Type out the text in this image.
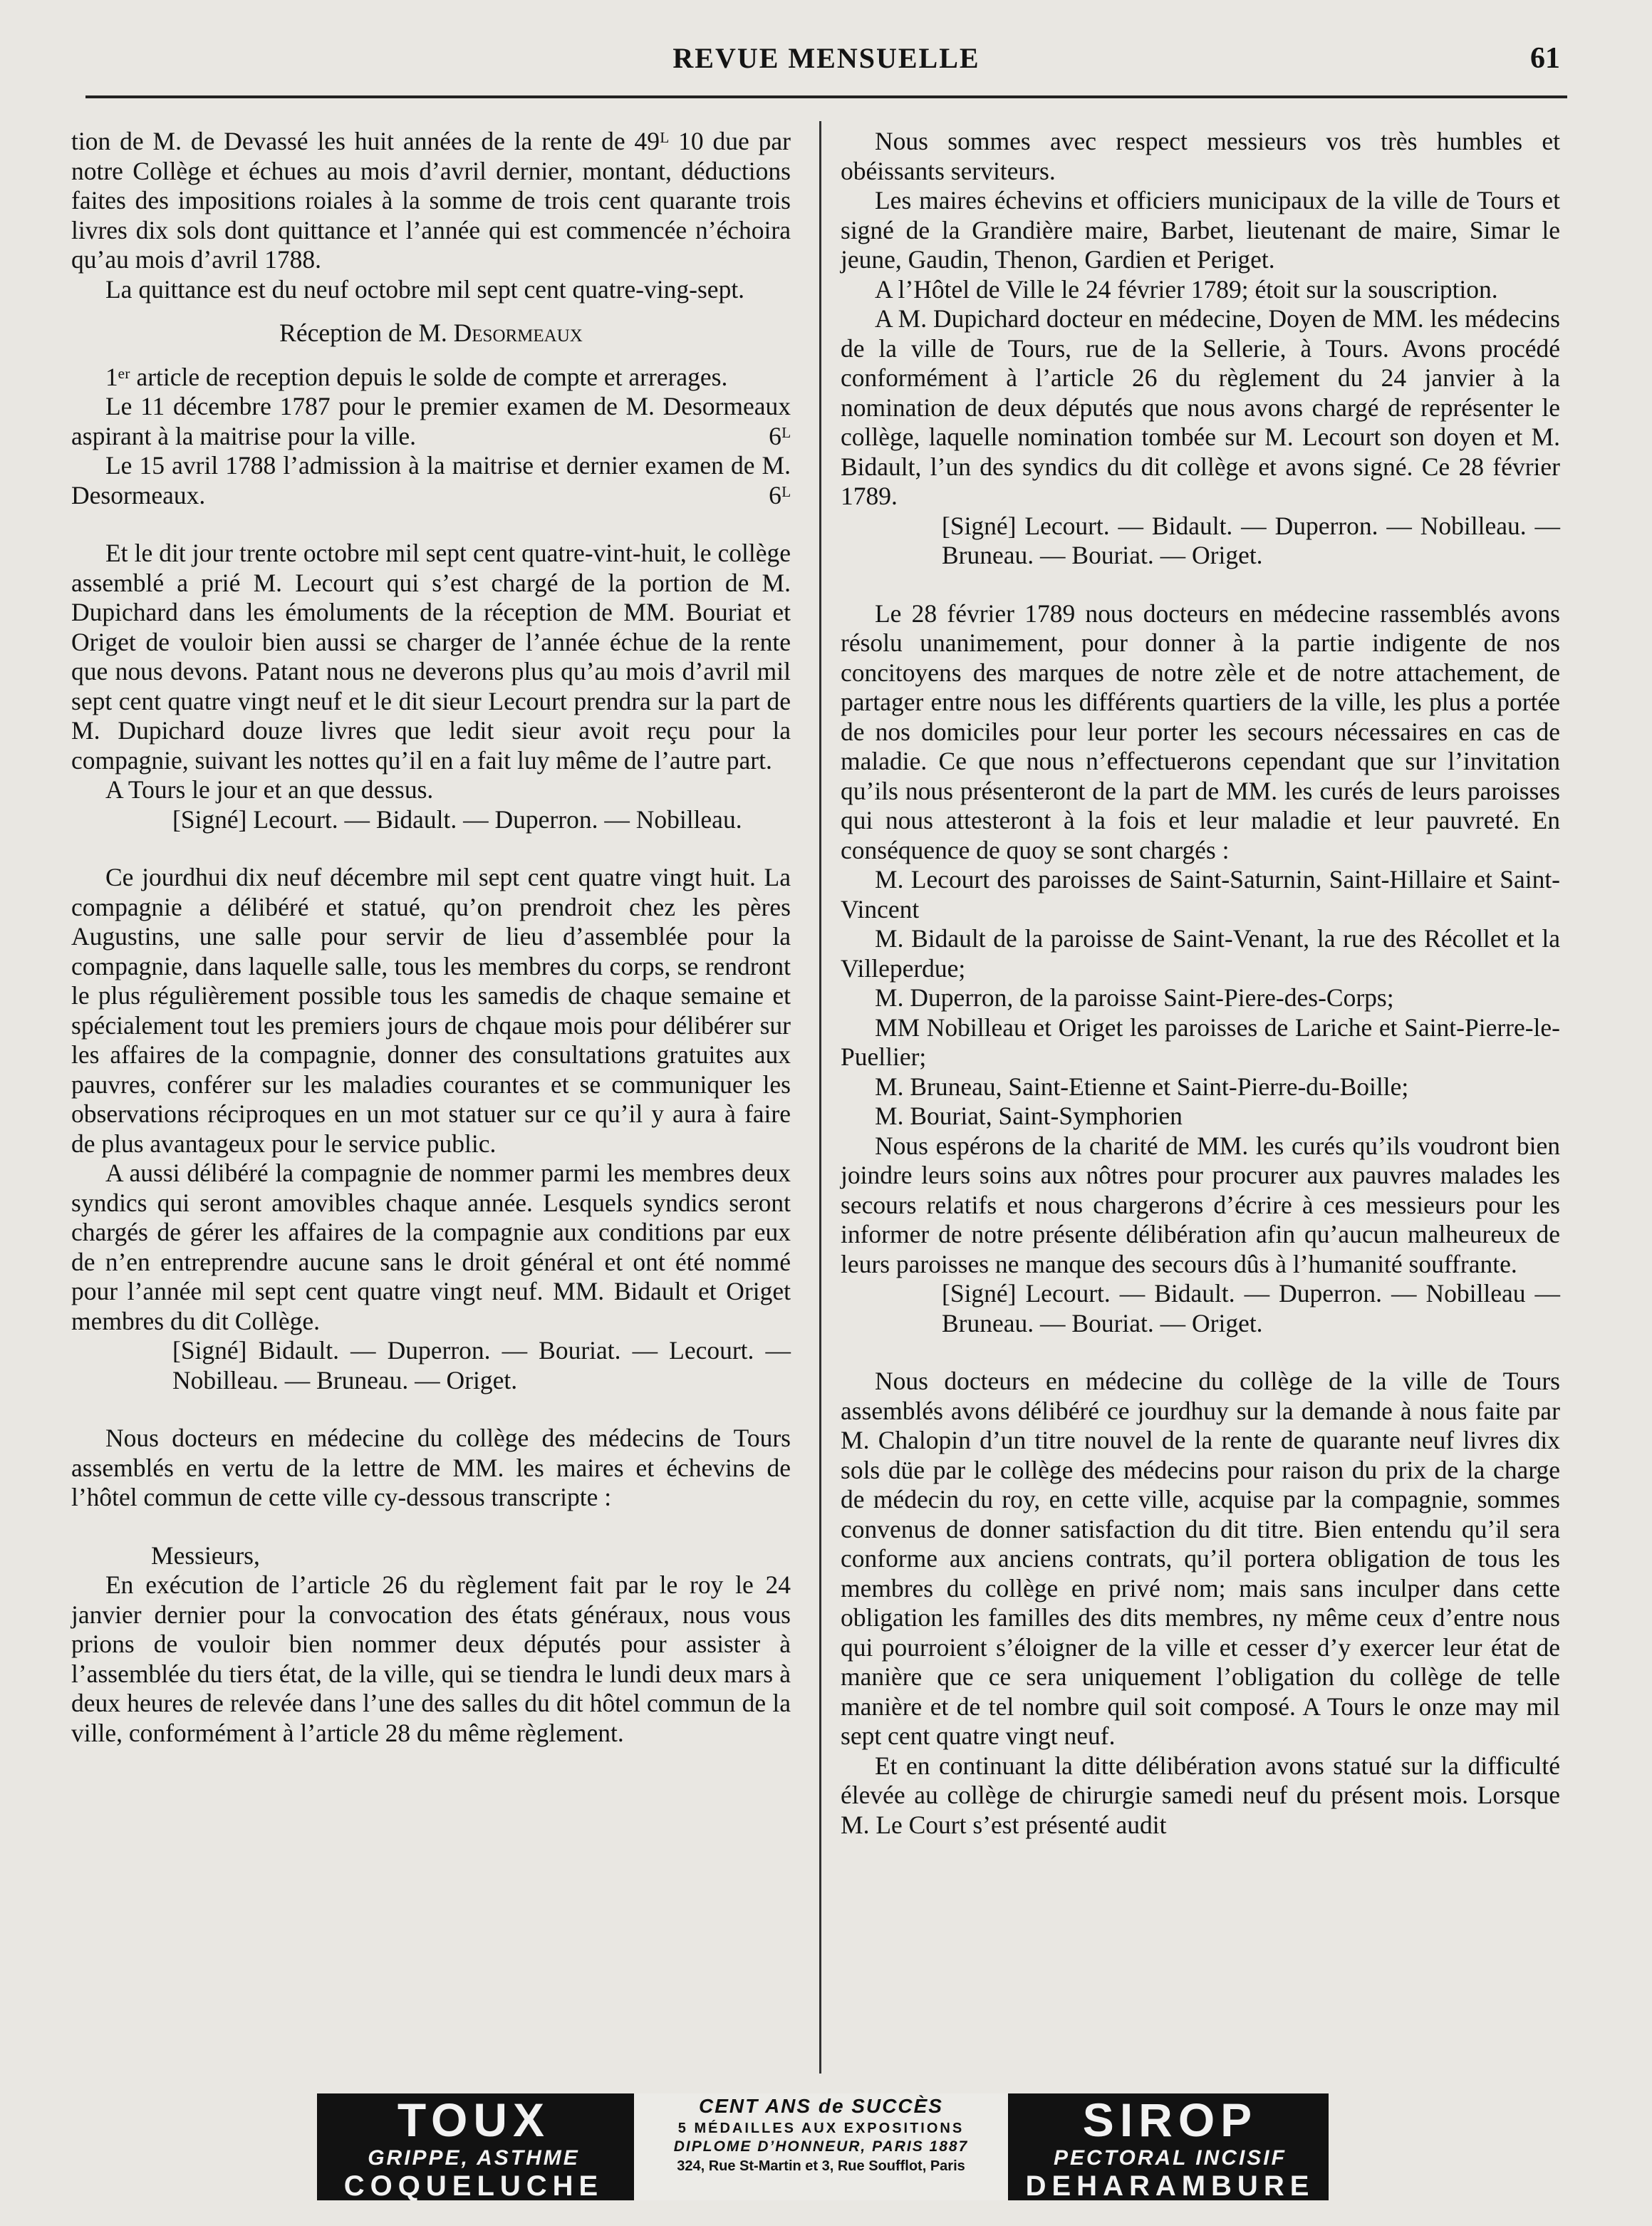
REVUE MENSUELLE	61

tion de M. de Devassé les huit années de la rente de 49ᴸ 10 due par notre Collège et échues au mois d’avril dernier, montant, déductions faites des impositions roiales à la somme de trois cent quarante trois livres dix sols dont quittance et l’année qui est commencée n’échoira qu’au mois d’avril 1788.

La quittance est du neuf octobre mil sept cent quatre-ving-sept.

Réception de M. Desormeaux

1ᵉʳ article de reception depuis le solde de compte et arrerages.

Le 11 décembre 1787 pour le premier examen de M. Desormeaux aspirant à la maitrise pour la ville.	6ᴸ

Le 15 avril 1788 l’admission à la maitrise et dernier examen de M. Desormeaux.	6ᴸ

Et le dit jour trente octobre mil sept cent quatre-vint-huit, le collège assemblé a prié M. Lecourt qui s’est chargé de la portion de M. Dupichard dans les émoluments de la réception de MM. Bouriat et Origet de vouloir bien aussi se charger de l’année échue de la rente que nous devons. Patant nous ne deverons plus qu’au mois d’avril mil sept cent quatre vingt neuf et le dit sieur Lecourt prendra sur la part de M. Dupichard douze livres que ledit sieur avoit reçu pour la compagnie, suivant les nottes qu’il en a fait luy même de l’autre part.

A Tours le jour et an que dessus.

[Signé] Lecourt. — Bidault. — Duperron. — Nobilleau.

Ce jourdhui dix neuf décembre mil sept cent quatre vingt huit. La compagnie a délibéré et statué, qu’on prendroit chez les pères Augustins, une salle pour servir de lieu d’assemblée pour la compagnie, dans laquelle salle, tous les membres du corps, se rendront le plus régulièrement possible tous les samedis de chaque semaine et spécialement tout les premiers jours de chqaue mois pour délibérer sur les affaires de la compagnie, donner des consultations gratuites aux pauvres, conférer sur les maladies courantes et se communiquer les observations réciproques en un mot statuer sur ce qu’il y aura à faire de plus avantageux pour le service public.

A aussi délibéré la compagnie de nommer parmi les membres deux syndics qui seront amovibles chaque année. Lesquels syndics seront chargés de gérer les affaires de la compagnie aux conditions par eux de n’en entreprendre aucune sans le droit général et ont été nommé pour l’année mil sept cent quatre vingt neuf. MM. Bidault et Origet membres du dit Collège.

[Signé] Bidault. — Duperron. — Bouriat. — Lecourt. — Nobilleau. — Bruneau. — Origet.

Nous docteurs en médecine du collège des médecins de Tours assemblés en vertu de la lettre de MM. les maires et échevins de l’hôtel commun de cette ville cy-dessous transcripte :

Messieurs,

En exécution de l’article 26 du règlement fait par le roy le 24 janvier dernier pour la convocation des états généraux, nous vous prions de vouloir bien nommer deux députés pour assister à l’assemblée du tiers état, de la ville, qui se tiendra le lundi deux mars à deux heures de relevée dans l’une des salles du dit hôtel commun de la ville, conformément à l’article 28 du même règlement.

Nous sommes avec respect messieurs vos très humbles et obéissants serviteurs.

Les maires échevins et officiers municipaux de la ville de Tours et signé de la Grandière maire, Barbet, lieutenant de maire, Simar le jeune, Gaudin, Thenon, Gardien et Periget.

A l’Hôtel de Ville le 24 février 1789; étoit sur la souscription.

A M. Dupichard docteur en médecine, Doyen de MM. les médecins de la ville de Tours, rue de la Sellerie, à Tours. Avons procédé conformément à l’article 26 du règlement du 24 janvier à la nomination de deux députés que nous avons chargé de représenter le collège, laquelle nomination tombée sur M. Lecourt son doyen et M. Bidault, l’un des syndics du dit collège et avons signé. Ce 28 février 1789.

[Signé] Lecourt. — Bidault. — Duperron. — Nobilleau. — Bruneau. — Bouriat. — Origet.

Le 28 février 1789 nous docteurs en médecine rassemblés avons résolu unanimement, pour donner à la partie indigente de nos concitoyens des marques de notre zèle et de notre attachement, de partager entre nous les différents quartiers de la ville, les plus a portée de nos domiciles pour leur porter les secours nécessaires en cas de maladie. Ce que nous n’effectuerons cependant que sur l’invitation qu’ils nous présenteront de la part de MM. les curés de leurs paroisses qui nous attesteront à la fois et leur maladie et leur pauvreté. En conséquence de quoy se sont chargés :

M. Lecourt des paroisses de Saint-Saturnin, Saint-Hillaire et Saint-Vincent

M. Bidault de la paroisse de Saint-Venant, la rue des Récollet et la Villeperdue;

M. Duperron, de la paroisse Saint-Piere-des-Corps;

MM Nobilleau et Origet les paroisses de Lariche et Saint-Pierre-le-Puellier;

M. Bruneau, Saint-Etienne et Saint-Pierre-du-Boille;

M. Bouriat, Saint-Symphorien

Nous espérons de la charité de MM. les curés qu’ils voudront bien joindre leurs soins aux nôtres pour procurer aux pauvres malades les secours relatifs et nous chargerons d’écrire à ces messieurs pour les informer de notre présente délibération afin qu’aucun malheureux de leurs paroisses ne manque des secours dûs à l’humanité souffrante.

[Signé] Lecourt. — Bidault. — Duperron. — Nobilleau — Bruneau. — Bouriat. — Origet.

Nous docteurs en médecine du collège de la ville de Tours assemblés avons délibéré ce jourdhuy sur la demande à nous faite par M. Chalopin d’un titre nouvel de la rente de quarante neuf livres dix sols düe par le collège des médecins pour raison du prix de la charge de médecin du roy, en cette ville, acquise par la compagnie, sommes convenus de donner satisfaction du dit titre. Bien entendu qu’il sera conforme aux anciens contrats, qu’il portera obligation de tous les membres du collège en privé nom; mais sans inculper dans cette obligation les familles des dits membres, ny même ceux d’entre nous qui pourroient s’éloigner de la ville et cesser d’y exercer leur état de manière que ce sera uniquement l’obligation du collège de telle manière et de tel nombre quil soit composé. A Tours le onze may mil sept cent quatre vingt neuf.

Et en continuant la ditte délibération avons statué sur la difficulté élevée au collège de chirurgie samedi neuf du présent mois. Lorsque M. Le Court s’est présenté audit

TOUX
GRIPPE, ASTHME
COQUELUCHE
CENT ANS de SUCCÈS
5 MÉDAILLES AUX EXPOSITIONS
DIPLOME D’HONNEUR, PARIS 1887
324, Rue St-Martin et 3, Rue Soufflot, Paris
SIROP
PECTORAL INCISIF
DEHARAMBURE
